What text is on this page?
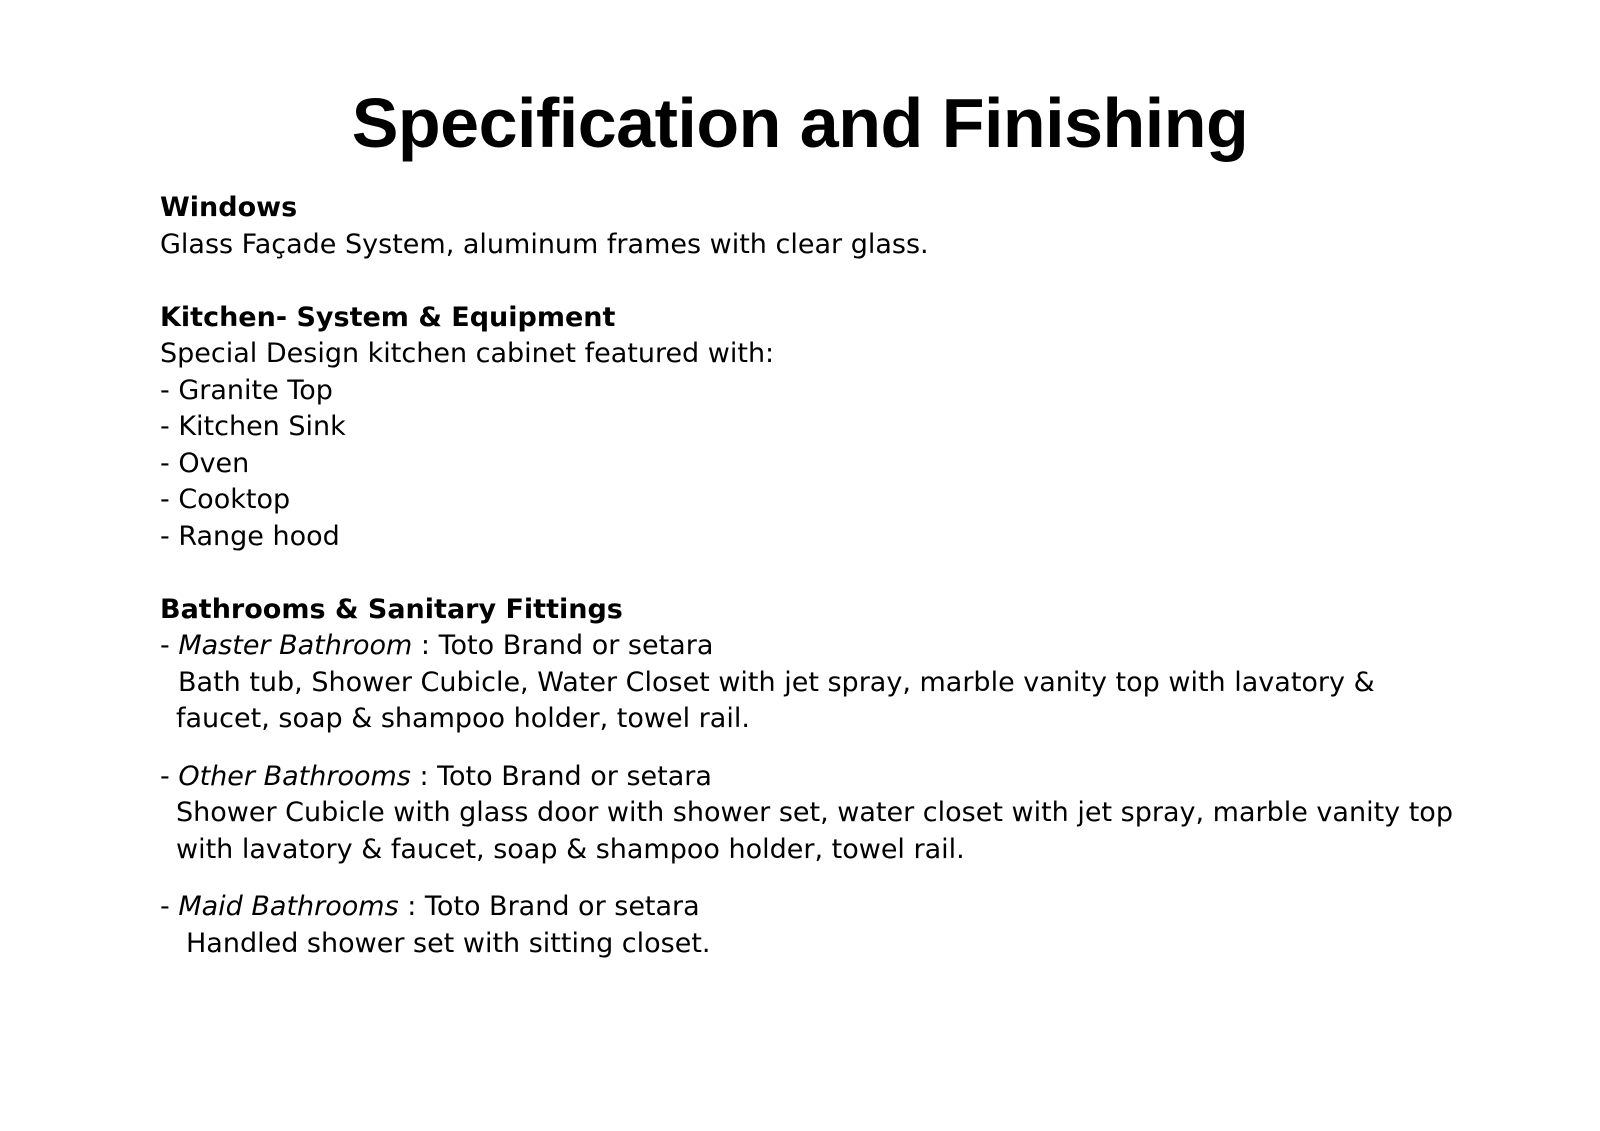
Specification and Finishing

Windows

Glass Façade System, aluminum frames with clear glass.

Kitchen- System & Equipment

Special Design kitchen cabinet featured with:

- Granite Top

- Kitchen Sink

- Oven

- Cooktop

- Range hood

Bathrooms & Sanitary Fittings

- Master Bathroom : Toto Brand or setara

Bath tub, Shower Cubicle, Water Closet with jet spray, marble vanity top with lavatory &

faucet, soap & shampoo holder, towel rail.

- Other Bathrooms : Toto Brand or setara

Shower Cubicle with glass door with shower set, water closet with jet spray, marble vanity top

with lavatory & faucet, soap & shampoo holder, towel rail.

- Maid Bathrooms : Toto Brand or setara

Handled shower set with sitting closet.
